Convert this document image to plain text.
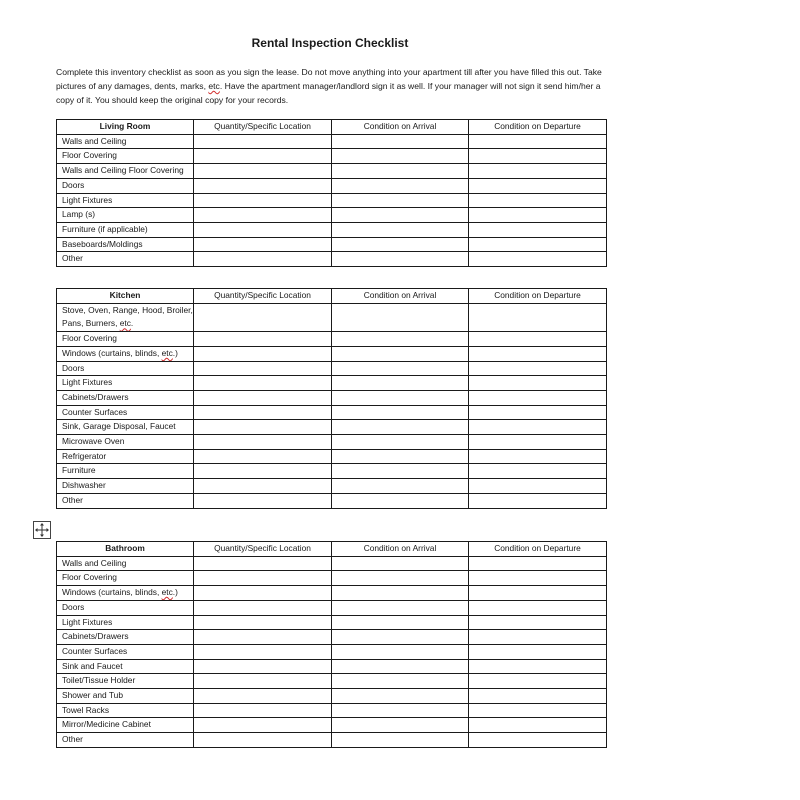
Rental Inspection Checklist
Complete this inventory checklist as soon as you sign the lease. Do not move anything into your apartment till after you have filled this out. Take pictures of any damages, dents, marks, etc. Have the apartment manager/landlord sign it as well. If your manager will not sign it send him/her a copy of it. You should keep the original copy for your records.
Living Room	Quantity/Specific Location	Condition on Arrival	Condition on Departure
Walls and Ceiling			
Floor Covering			
Walls and Ceiling Floor Covering			
Doors			
Light Fixtures			
Lamp (s)			
Furniture (if applicable)			
Baseboards/Moldings			
Other			
Kitchen	Quantity/Specific Location	Condition on Arrival	Condition on Departure
Stove, Oven, Range, Hood, Broiler, Pans, Burners, etc.			
Floor Covering			
Windows (curtains, blinds, etc.)			
Doors			
Light Fixtures			
Cabinets/Drawers			
Counter Surfaces			
Sink, Garage Disposal, Faucet			
Microwave Oven			
Refrigerator			
Furniture			
Dishwasher			
Other			
Bathroom	Quantity/Specific Location	Condition on Arrival	Condition on Departure
Walls and Ceiling			
Floor Covering			
Windows (curtains, blinds, etc.)			
Doors			
Light Fixtures			
Cabinets/Drawers			
Counter Surfaces			
Sink and Faucet			
Toilet/Tissue Holder			
Shower and Tub			
Towel Racks			
Mirror/Medicine Cabinet			
Other			
